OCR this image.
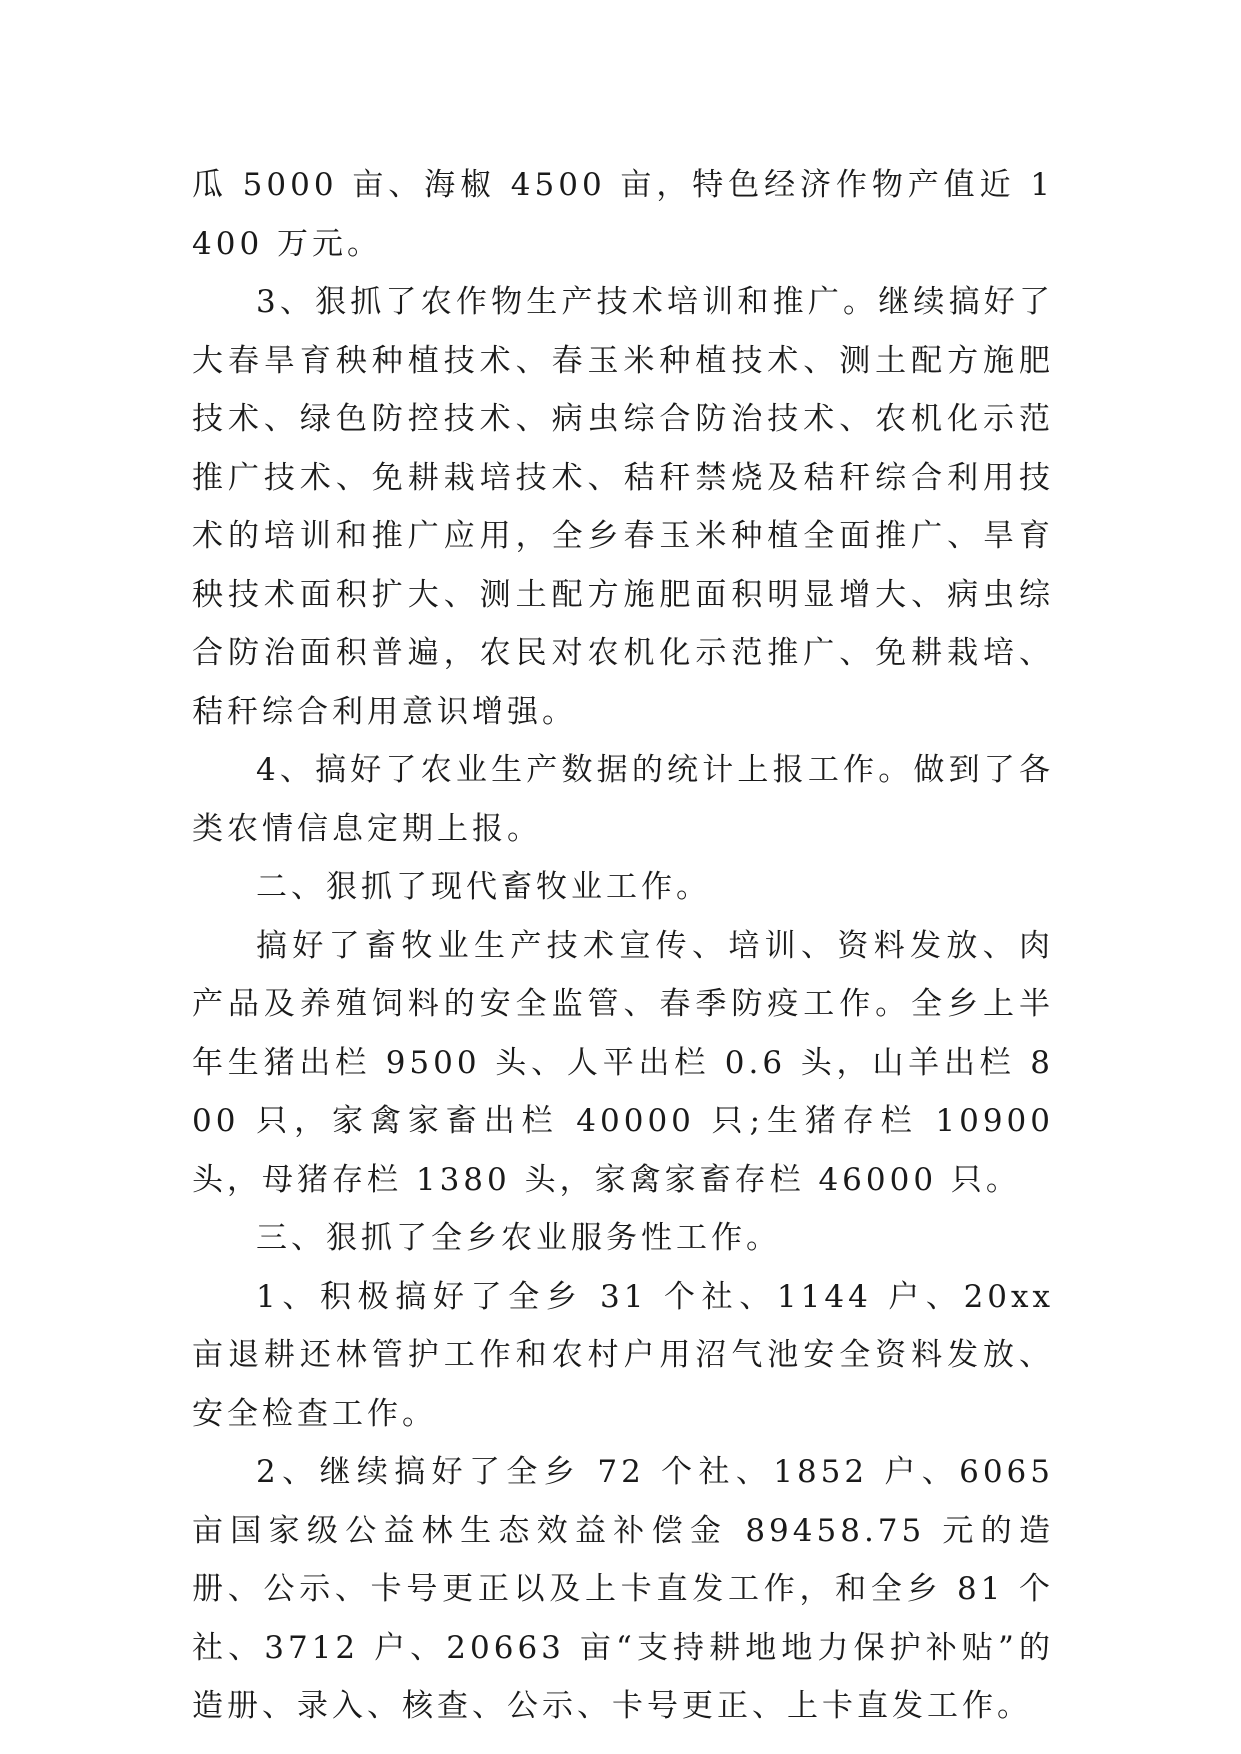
瓜 5000 亩、海椒 4500 亩，特色经济作物产值近 1400 万元。

3、狠抓了农作物生产技术培训和推广。继续搞好了大春旱育秧种植技术、春玉米种植技术、测土配方施肥技术、绿色防控技术、病虫综合防治技术、农机化示范推广技术、免耕栽培技术、秸秆禁烧及秸秆综合利用技术的培训和推广应用，全乡春玉米种植全面推广、旱育秧技术面积扩大、测土配方施肥面积明显增大、病虫综合防治面积普遍，农民对农机化示范推广、免耕栽培、秸秆综合利用意识增强。

4、搞好了农业生产数据的统计上报工作。做到了各类农情信息定期上报。

二、狠抓了现代畜牧业工作。

搞好了畜牧业生产技术宣传、培训、资料发放、肉产品及养殖饲料的安全监管、春季防疫工作。全乡上半年生猪出栏 9500 头、人平出栏 0.6 头，山羊出栏 800 只，家禽家畜出栏 40000 只;生猪存栏 10900 头，母猪存栏 1380 头，家禽家畜存栏 46000 只。

三、狠抓了全乡农业服务性工作。

1、积极搞好了全乡 31 个社、1144 户、20xx 亩退耕还林管护工作和农村户用沼气池安全资料发放、安全检查工作。

2、继续搞好了全乡 72 个社、1852 户、6065 亩国家级公益林生态效益补偿金 89458.75 元的造册、公示、卡号更正以及上卡直发工作，和全乡 81 个社、3712 户、20663 亩“支持耕地地力保护补贴”的造册、录入、核查、公示、卡号更正、上卡直发工作。
